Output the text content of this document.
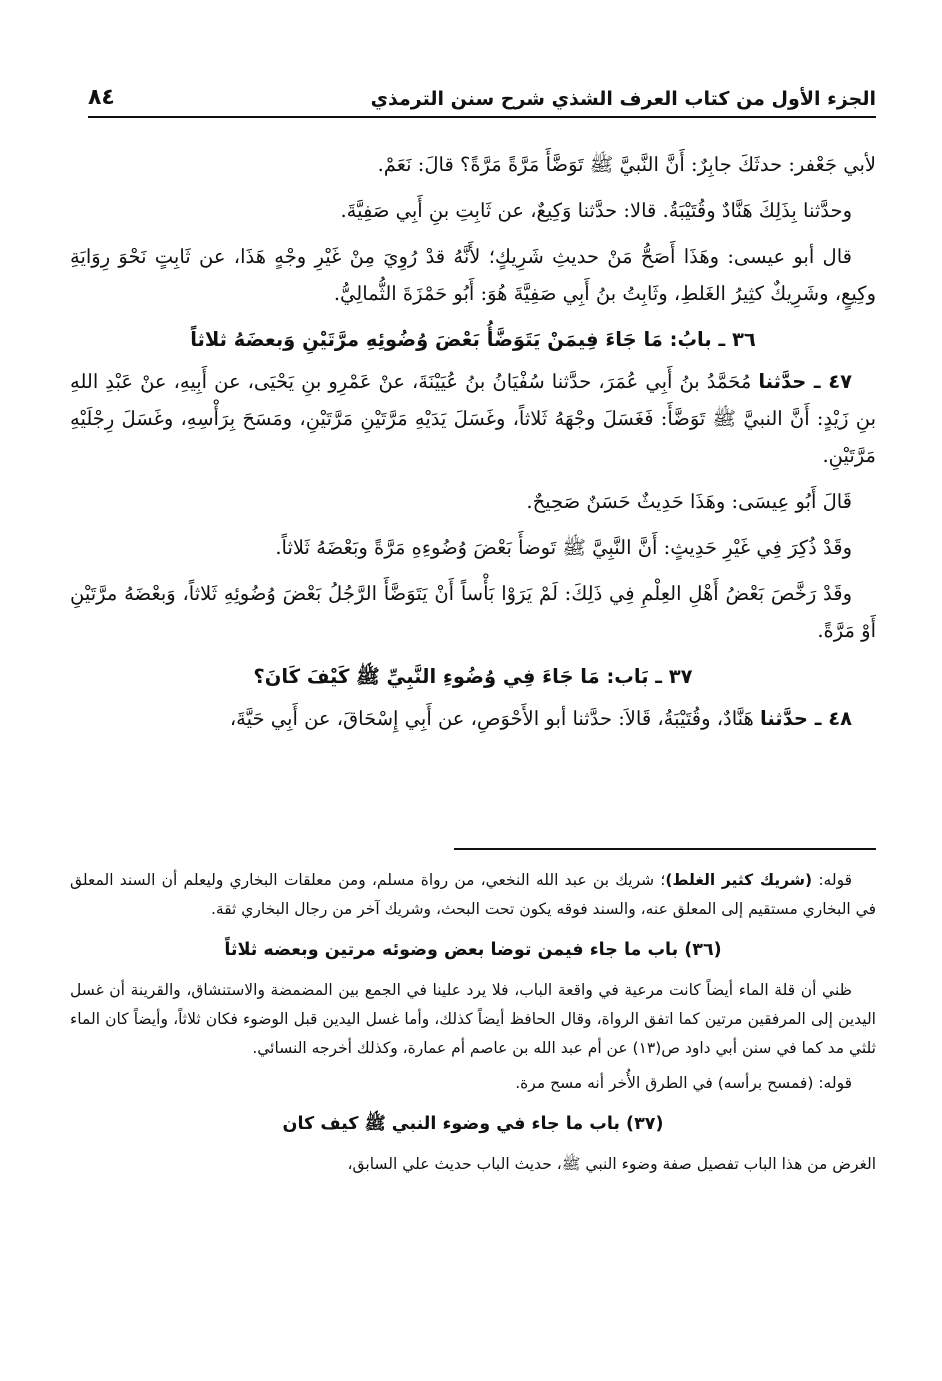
الجزء الأول من كتاب العرف الشذي شرح سنن الترمذي
٨٤

لأبي جَعْفر: حدثَكَ جابِرٌ: أَنَّ النَّبيَّ ﷺ تَوَضَّأَ مَرَّةً مَرَّةً؟ قالَ: نَعَمْ.

وحدَّثنا بِذَلِكَ هَنَّادٌ وقُتَيْبَةُ. قالا: حدَّثنا وَكِيعٌ، عن ثَابِتِ بنِ أَبِي صَفِيَّةَ.

قال أبو عيسى: وهَذَا أَصَحُّ مَنْ حديثِ شَرِيكٍ؛ لأَنَّهُ قدْ رُوِيَ مِنْ غَيْرِ وجْهٍ هَذَا، عن ثَابِتٍ نَحْوَ رِوَايَةِ وكِيعٍ، وشَرِيكٌ كثِيرُ الغَلطِ، وثَابِتُ بنُ أَبِي صَفِيَّةَ هُوَ: أَبُو حَمْزَةَ الثُّمالِيُّ.

٣٦ ـ بابُ: مَا جَاءَ فِيمَنْ يَتَوَضَّأُ بَعْضَ وُضُوئِهِ مرَّتَيْنِ وَبعضَهُ ثلاثاً

٤٧ ـ حدَّثنا مُحَمَّدُ بنُ أَبِي عُمَرَ، حدَّثنا سُفْيَانُ بنُ عُيَيْنَةَ، عنْ عَمْرِو بنِ يَحْيَى، عن أَبِيهِ، عنْ عَبْدِ اللهِ بنِ زَيْدٍ: أَنَّ النبيَّ ﷺ تَوَضَّأَ: فَغَسَلَ وجْهَهُ ثَلاثاً، وغَسَلَ يَدَيْهِ مَرَّتَيْنِ مَرَّتَيْنِ، ومَسَحَ بِرَأْسِهِ، وغَسَلَ رِجْلَيْهِ مَرَّتَيْنِ.

قَالَ أَبُو عِيسَى: وهَذَا حَدِيثٌ حَسَنٌ صَحِيحٌ.

وقَدْ ذُكِرَ فِي غَيْرِ حَدِيثٍ: أَنَّ النَّبِيَّ ﷺ تَوضأَ بَعْضَ وُضُوءِهِ مَرَّةً وبَعْضَهُ ثَلاثاً.

وقَدْ رَخَّصَ بَعْضُ أَهْلِ العِلْمِ فِي ذَلِكَ: لَمْ يَرَوْا بَأْساً أَنْ يَتَوَضَّأَ الرَّجُلُ بَعْضَ وُضُوئِهِ ثَلاثاً، وَبعْضَهُ مرَّتَيْنِ أَوْ مَرَّةً.

٣٧ ـ بَاب: مَا جَاءَ فِي وُضُوءِ النَّبِيِّ ﷺ كَيْفَ كَانَ؟

٤٨ ـ حدَّثنا هَنَّادٌ، وقُتَيْبَةُ، قَالاَ: حدَّثنا أبو الأَحْوَصِ، عن أَبِي إِسْحَاقَ، عن أَبِي حَيَّةَ،

قوله: (شريك كثير الغلط)؛ شريك بن عبد الله النخعي، من رواة مسلم، ومن معلقات البخاري وليعلم أن السند المعلق في البخاري مستقيم إلى المعلق عنه، والسند فوقه يكون تحت البحث، وشريك آخر من رجال البخاري ثقة.

(٣٦) باب ما جاء فيمن توضا بعض وضوئه مرتين وبعضه ثلاثاً

ظني أن قلة الماء أيضاً كانت مرعية في واقعة الباب، فلا يرد علينا في الجمع بين المضمضة والاستنشاق، والقرينة أن غسل اليدين إلى المرفقين مرتين كما اتفق الرواة، وقال الحافظ أيضاً كذلك، وأما غسل اليدين قبل الوضوء فكان ثلاثاً، وأيضاً كان الماء ثلثي مد كما في سنن أبي داود ص(١٣) عن أم عبد الله بن عاصم أم عمارة، وكذلك أخرجه النسائي.

قوله: (فمسح برأسه) في الطرق الأُخر أنه مسح مرة.

(٣٧) باب ما جاء في وضوء النبي ﷺ كيف كان

الغرض من هذا الباب تفصيل صفة وضوء النبي ﷺ، حديث الباب حديث علي السابق،
